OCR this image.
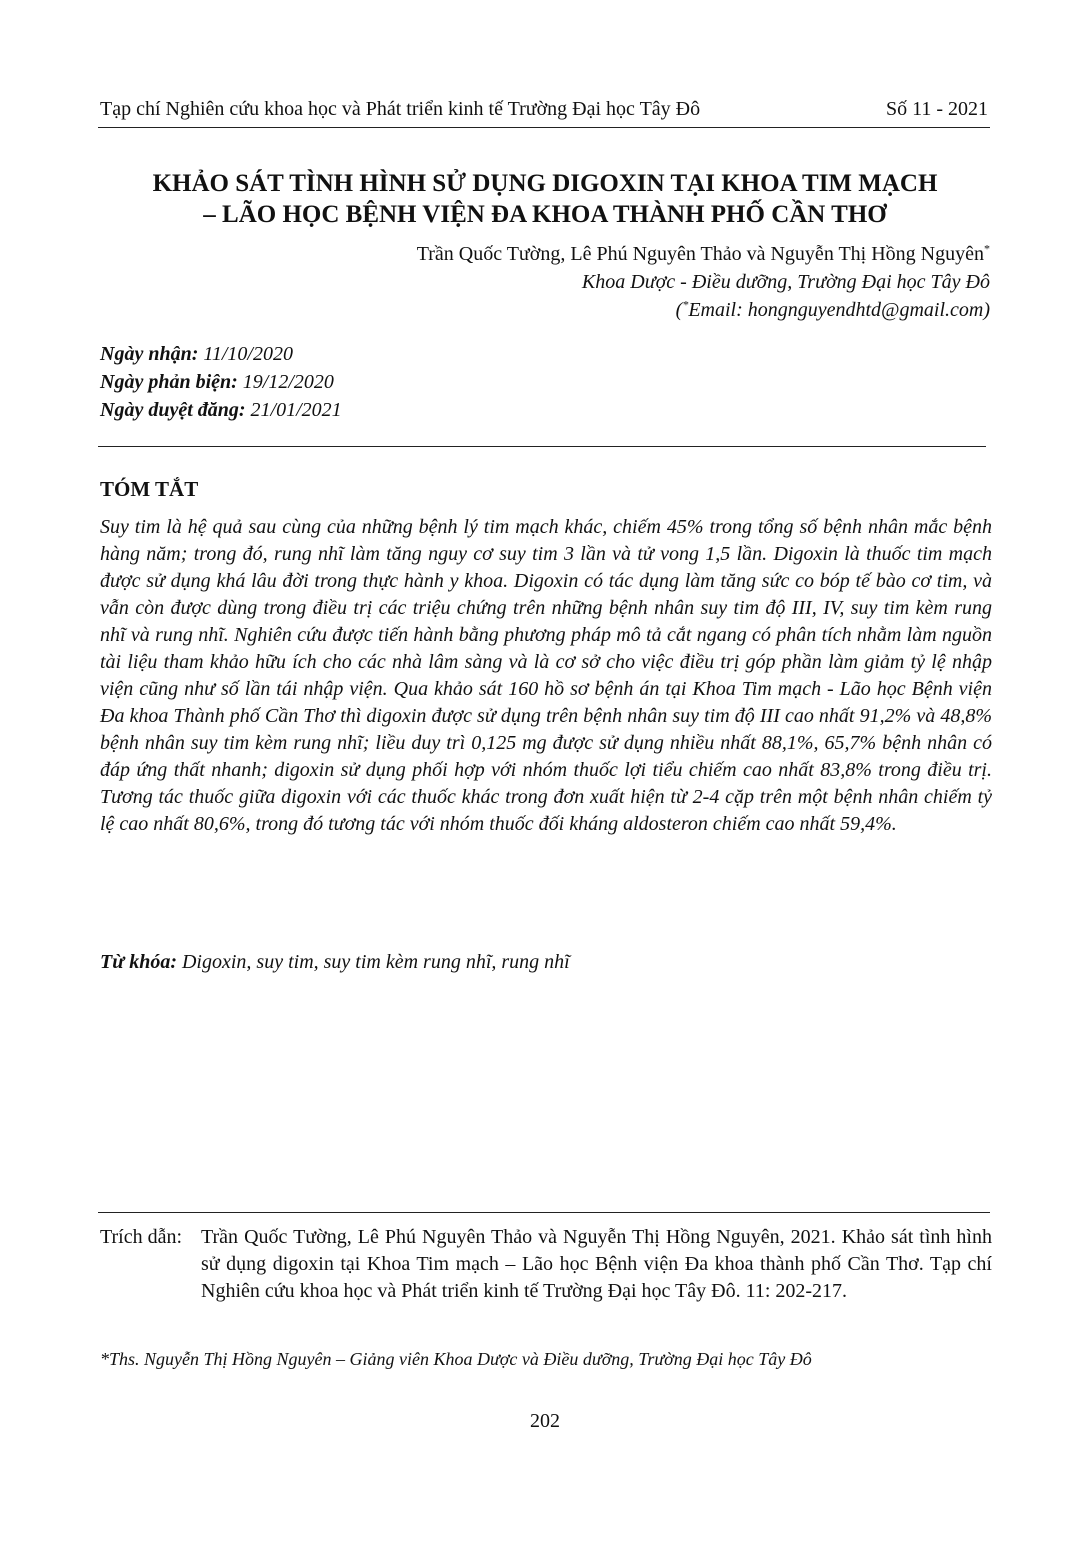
Tạp chí Nghiên cứu khoa học và Phát triển kinh tế Trường Đại học Tây Đô	Số 11 - 2021
KHẢO SÁT TÌNH HÌNH SỬ DỤNG DIGOXIN TẠI KHOA TIM MẠCH
– LÃO HỌC BỆNH VIỆN ĐA KHOA THÀNH PHỐ CẦN THƠ
Trần Quốc Tường, Lê Phú Nguyên Thảo và Nguyễn Thị Hồng Nguyên*
Khoa Dược - Điều dưỡng, Trường Đại học Tây Đô
(*Email: hongnguyendhtd@gmail.com)
Ngày nhận: 11/10/2020
Ngày phản biện: 19/12/2020
Ngày duyệt đăng: 21/01/2021
TÓM TẮT
Suy tim là hệ quả sau cùng của những bệnh lý tim mạch khác, chiếm 45% trong tổng số bệnh nhân mắc bệnh hàng năm; trong đó, rung nhĩ làm tăng nguy cơ suy tim 3 lần và tử vong 1,5 lần. Digoxin là thuốc tim mạch được sử dụng khá lâu đời trong thực hành y khoa. Digoxin có tác dụng làm tăng sức co bóp tế bào cơ tim, và vẫn còn được dùng trong điều trị các triệu chứng trên những bệnh nhân suy tim độ III, IV, suy tim kèm rung nhĩ và rung nhĩ. Nghiên cứu được tiến hành bằng phương pháp mô tả cắt ngang có phân tích nhằm làm nguồn tài liệu tham khảo hữu ích cho các nhà lâm sàng và là cơ sở cho việc điều trị góp phần làm giảm tỷ lệ nhập viện cũng như số lần tái nhập viện. Qua khảo sát 160 hồ sơ bệnh án tại Khoa Tim mạch - Lão học Bệnh viện Đa khoa Thành phố Cần Thơ thì digoxin được sử dụng trên bệnh nhân suy tim độ III cao nhất 91,2% và 48,8% bệnh nhân suy tim kèm rung nhĩ; liều duy trì 0,125 mg được sử dụng nhiều nhất 88,1%, 65,7% bệnh nhân có đáp ứng thất nhanh; digoxin sử dụng phối hợp với nhóm thuốc lợi tiểu chiếm cao nhất 83,8% trong điều trị. Tương tác thuốc giữa digoxin với các thuốc khác trong đơn xuất hiện từ 2-4 cặp trên một bệnh nhân chiếm tỷ lệ cao nhất 80,6%, trong đó tương tác với nhóm thuốc đối kháng aldosteron chiếm cao nhất 59,4%.
Từ khóa: Digoxin, suy tim, suy tim kèm rung nhĩ, rung nhĩ
Trích dẫn: Trần Quốc Tường, Lê Phú Nguyên Thảo và Nguyễn Thị Hồng Nguyên, 2021. Khảo sát tình hình sử dụng digoxin tại Khoa Tim mạch – Lão học Bệnh viện Đa khoa thành phố Cần Thơ. Tạp chí Nghiên cứu khoa học và Phát triển kinh tế Trường Đại học Tây Đô. 11: 202-217.
*Ths. Nguyễn Thị Hồng Nguyên – Giảng viên Khoa Dược và Điều dưỡng, Trường Đại học Tây Đô
202
